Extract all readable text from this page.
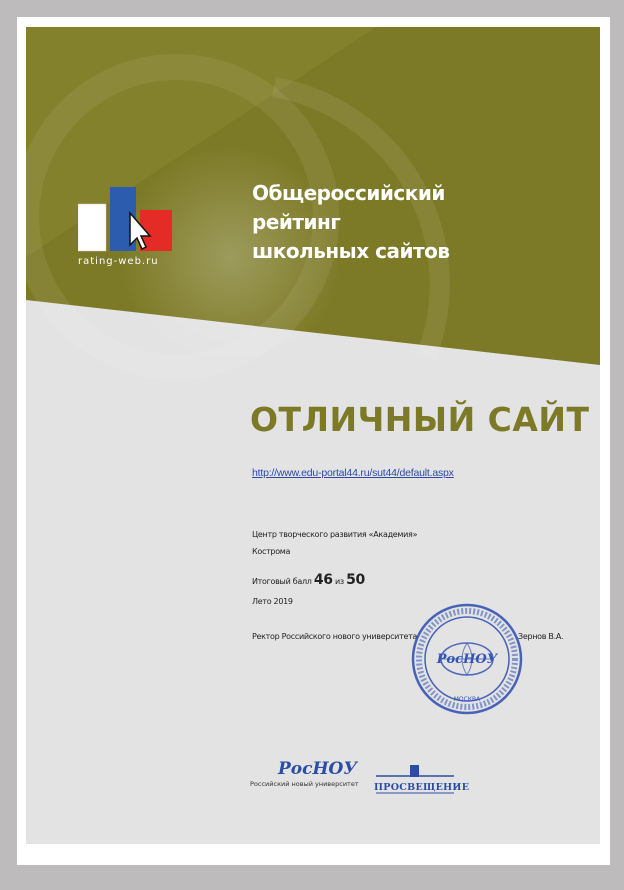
rating-web.ru
Общероссийский
рейтинг
школьных сайтов
ОТЛИЧНЫЙ САЙТ
http://www.edu-portal44.ru/sut44/default.aspx
Центр творческого развития «Академия»
Кострома
Итоговый балл 46 из 50
Лето 2019
Ректор Российского нового университета	Зернов В.А.
РосНОУ
МОСКВА
РосНОУ
Российский новый университет ПРОСВЕЩЕНИЕ
